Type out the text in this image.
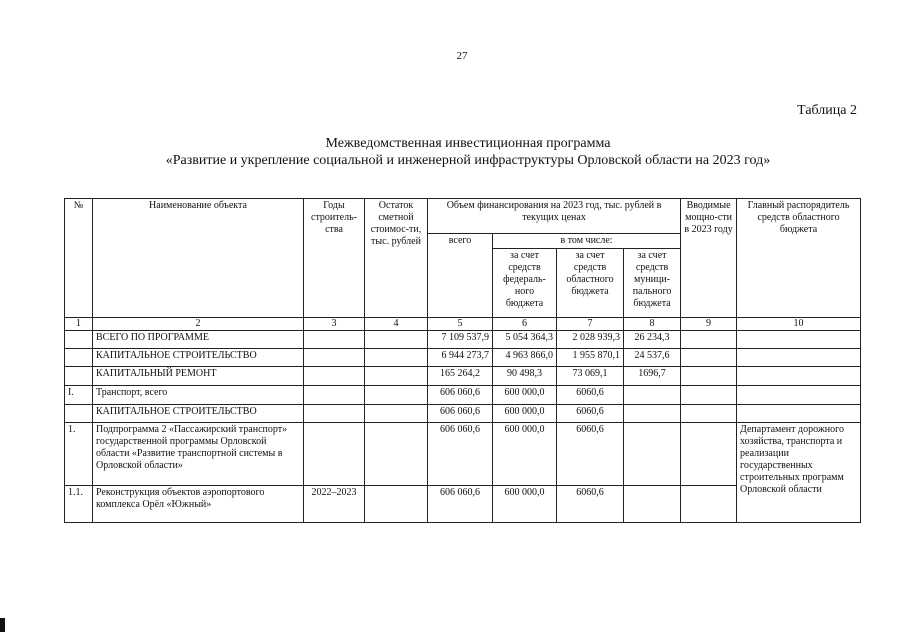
27
Таблица 2
Межведомственная инвестиционная программа
«Развитие и укрепление социальной и инженерной инфраструктуры Орловской области на 2023 год»
№	Наименование объекта	Годы строитель-ства	Остаток сметной стоимос-ти, тыс. рублей	Объем финансирования на 2023 год, тыс. рублей в текущих ценах				Вводимые мощно-сти в 2023 году	Главный распорядитель средств областного бюджета
				всего	в том числе:				
					за счет средств федераль-ного бюджета	за счет средств областного бюджета	за счет средств муници-пального бюджета		
1	2	3	4	5	6	7	8	9	10
	ВСЕГО ПО ПРОГРАММЕ			7 109 537,9	5 054 364,3	2 028 939,3	26 234,3		
	КАПИТАЛЬНОЕ СТРОИТЕЛЬСТВО			6 944 273,7	4 963 866,0	1 955 870,1	24 537,6		
	КАПИТАЛЬНЫЙ РЕМОНТ			165 264,2	90 498,3	73 069,1	1696,7		
I.	Транспорт, всего			606 060,6	600 000,0	6060,6			
	КАПИТАЛЬНОЕ СТРОИТЕЛЬСТВО			606 060,6	600 000,0	6060,6			
1.	Подпрограмма 2 «Пассажирский транспорт» государственной программы Орловской области «Развитие транспортной системы в Орловской области»			606 060,6	600 000,0	6060,6			Департамент дорожного хозяйства, транспорта и реализации государственных строительных программ Орловской области
1.1.	Реконструкция объектов аэропортового комплекса Орёл «Южный»	2022–2023		606 060,6	600 000,0	6060,6			
